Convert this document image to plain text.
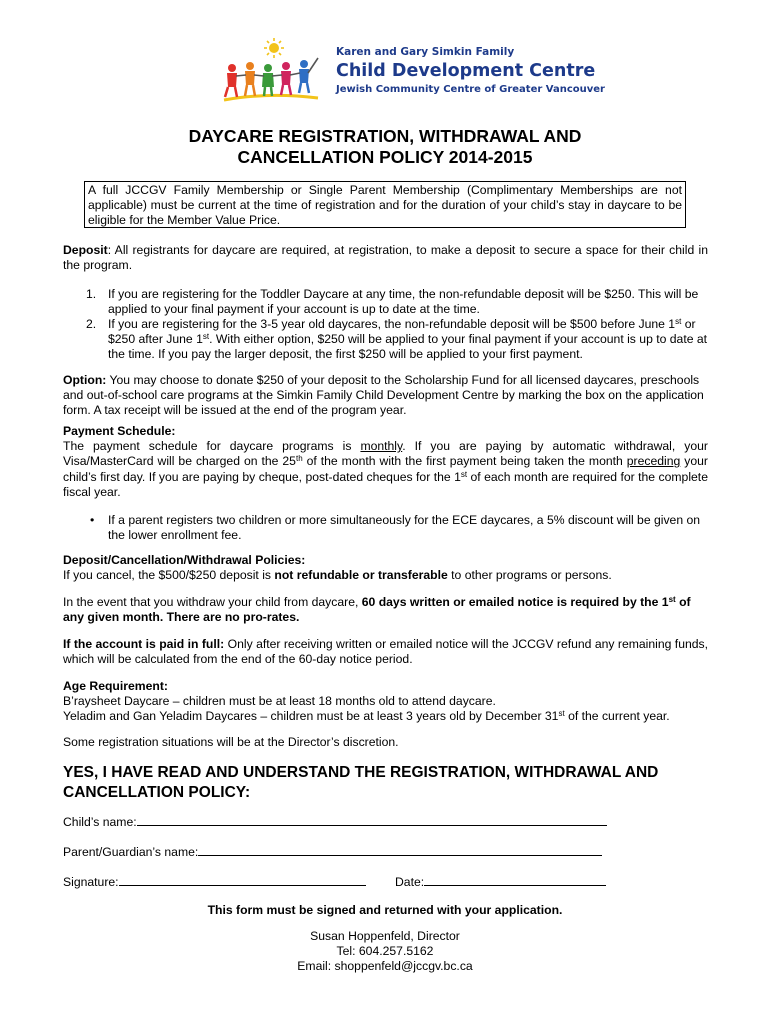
Karen and Gary Simkin Family
Child Development Centre
Jewish Community Centre of Greater Vancouver
DAYCARE REGISTRATION, WITHDRAWAL AND
CANCELLATION POLICY 2014-2015
A full JCCGV Family Membership or Single Parent Membership (Complimentary Memberships are not applicable) must be current at the time of registration and for the duration of your child’s stay in daycare to be eligible for the Member Value Price.
Deposit: All registrants for daycare are required, at registration, to make a deposit to secure a space for their child in the program.
1. If you are registering for the Toddler Daycare at any time, the non-refundable deposit will be $250. This will be applied to your final payment if your account is up to date at the time.
2. If you are registering for the 3-5 year old daycares, the non-refundable deposit will be $500 before June 1st or $250 after June 1st. With either option, $250 will be applied to your final payment if your account is up to date at the time. If you pay the larger deposit, the first $250 will be applied to your first payment.
Option: You may choose to donate $250 of your deposit to the Scholarship Fund for all licensed daycares, preschools and out-of-school care programs at the Simkin Family Child Development Centre by marking the box on the application form. A tax receipt will be issued at the end of the program year.
Payment Schedule:
The payment schedule for daycare programs is monthly. If you are paying by automatic withdrawal, your Visa/MasterCard will be charged on the 25th of the month with the first payment being taken the month preceding your child’s first day. If you are paying by cheque, post-dated cheques for the 1st of each month are required for the complete fiscal year.
• If a parent registers two children or more simultaneously for the ECE daycares, a 5% discount will be given on the lower enrollment fee.
Deposit/Cancellation/Withdrawal Policies:
If you cancel, the $500/$250 deposit is not refundable or transferable to other programs or persons.
In the event that you withdraw your child from daycare, 60 days written or emailed notice is required by the 1st of any given month. There are no pro-rates.
If the account is paid in full: Only after receiving written or emailed notice will the JCCGV refund any remaining funds, which will be calculated from the end of the 60-day notice period.
Age Requirement:
B’raysheet Daycare – children must be at least 18 months old to attend daycare.
Yeladim and Gan Yeladim Daycares – children must be at least 3 years old by December 31st of the current year.
Some registration situations will be at the Director’s discretion.
YES, I HAVE READ AND UNDERSTAND THE REGISTRATION, WITHDRAWAL AND
CANCELLATION POLICY:
Child’s name:
Parent/Guardian’s name:
Signature:	Date:
This form must be signed and returned with your application.
Susan Hoppenfeld, Director
Tel: 604.257.5162
Email: shoppenfeld@jccgv.bc.ca
